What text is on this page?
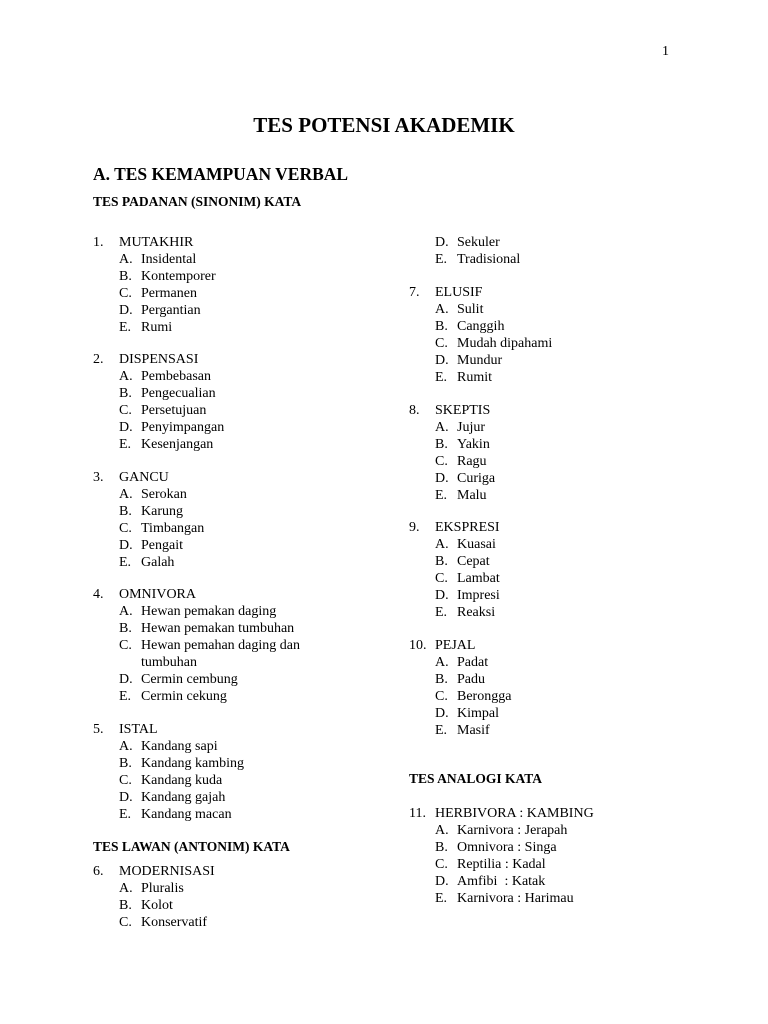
1
TES POTENSI AKADEMIK
A. TES KEMAMPUAN VERBAL
TES PADANAN (SINONIM) KATA
TES LAWAN (ANTONIM) KATA
TES ANALOGI KATA
1. MUTAKHIR
A. Insidental
B. Kontemporer
C. Permanen
D. Pergantian
E. Rumi
2. DISPENSASI
A. Pembebasan
B. Pengecualian
C. Persetujuan
D. Penyimpangan
E. Kesenjangan
3. GANCU
A. Serokan
B. Karung
C. Timbangan
D. Pengait
E. Galah
4. OMNIVORA
A. Hewan pemakan daging
B. Hewan pemakan tumbuhan
C. Hewan pemahan daging dan
tumbuhan
D. Cermin cembung
E. Cermin cekung
5. ISTAL
A. Kandang sapi
B. Kandang kambing
C. Kandang kuda
D. Kandang gajah
E. Kandang macan
6. MODERNISASI
A. Pluralis
B. Kolot
C. Konservatif
D. Sekuler
E. Tradisional
7. ELUSIF
A. Sulit
B. Canggih
C. Mudah dipahami
D. Mundur
E. Rumit
8. SKEPTIS
A. Jujur
B. Yakin
C. Ragu
D. Curiga
E. Malu
9. EKSPRESI
A. Kuasai
B. Cepat
C. Lambat
D. Impresi
E. Reaksi
10. PEJAL
A. Padat
B. Padu
C. Berongga
D. Kimpal
E. Masif
11. HERBIVORA : KAMBING
A. Karnivora : Jerapah
B. Omnivora : Singa
C. Reptilia : Kadal
D. Amfibi  : Katak
E. Karnivora : Harimau
